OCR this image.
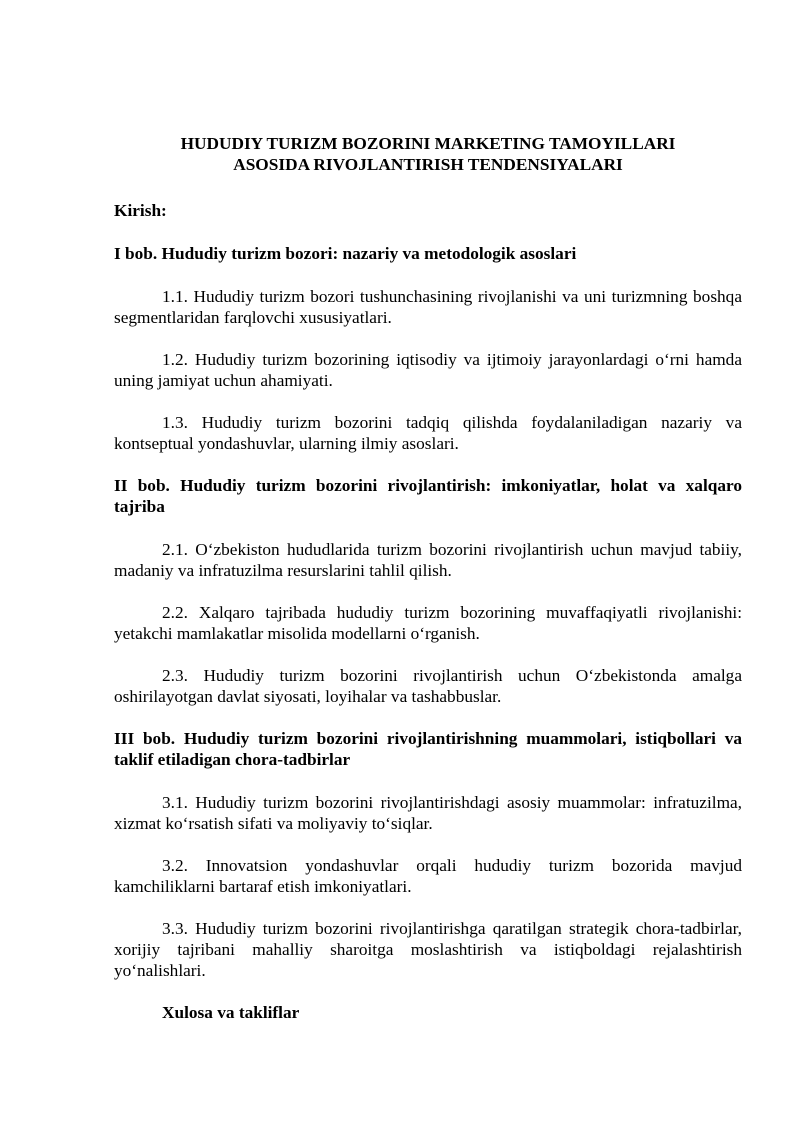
HUDUDIY TURIZM BOZORINI MARKETING TAMOYILLARI
ASOSIDA RIVOJLANTIRISH TENDENSIYALARI
Kirish:
I bob. Hududiy turizm bozori: nazariy va metodologik asoslari

1.1. Hududiy turizm bozori tushunchasining rivojlanishi va uni turizmning boshqa segmentlaridan farqlovchi xususiyatlari.

1.2. Hududiy turizm bozorining iqtisodiy va ijtimoiy jarayonlardagi o‘rni hamda uning jamiyat uchun ahamiyati.

1.3. Hududiy turizm bozorini tadqiq qilishda foydalaniladigan nazariy va kontseptual yondashuvlar, ularning ilmiy asoslari.

II bob. Hududiy turizm bozorini rivojlantirish: imkoniyatlar, holat va xalqaro tajriba

2.1. O‘zbekiston hududlarida turizm bozorini rivojlantirish uchun mavjud tabiiy, madaniy va infratuzilma resurslarini tahlil qilish.

2.2. Xalqaro tajribada hududiy turizm bozorining muvaffaqiyatli rivojlanishi: yetakchi mamlakatlar misolida modellarni o‘rganish.

2.3. Hududiy turizm bozorini rivojlantirish uchun O‘zbekistonda amalga oshirilayotgan davlat siyosati, loyihalar va tashabbuslar.

III bob. Hududiy turizm bozorini rivojlantirishning muammolari, istiqbollari va taklif etiladigan chora-tadbirlar

3.1. Hududiy turizm bozorini rivojlantirishdagi asosiy muammolar: infratuzilma, xizmat ko‘rsatish sifati va moliyaviy to‘siqlar.

3.2. Innovatsion yondashuvlar orqali hududiy turizm bozorida mavjud kamchiliklarni bartaraf etish imkoniyatlari.

3.3. Hududiy turizm bozorini rivojlantirishga qaratilgan strategik chora-tadbirlar, xorijiy tajribani mahalliy sharoitga moslashtirish va istiqboldagi rejalashtirish yo‘nalishlari.

Xulosa va takliflar
